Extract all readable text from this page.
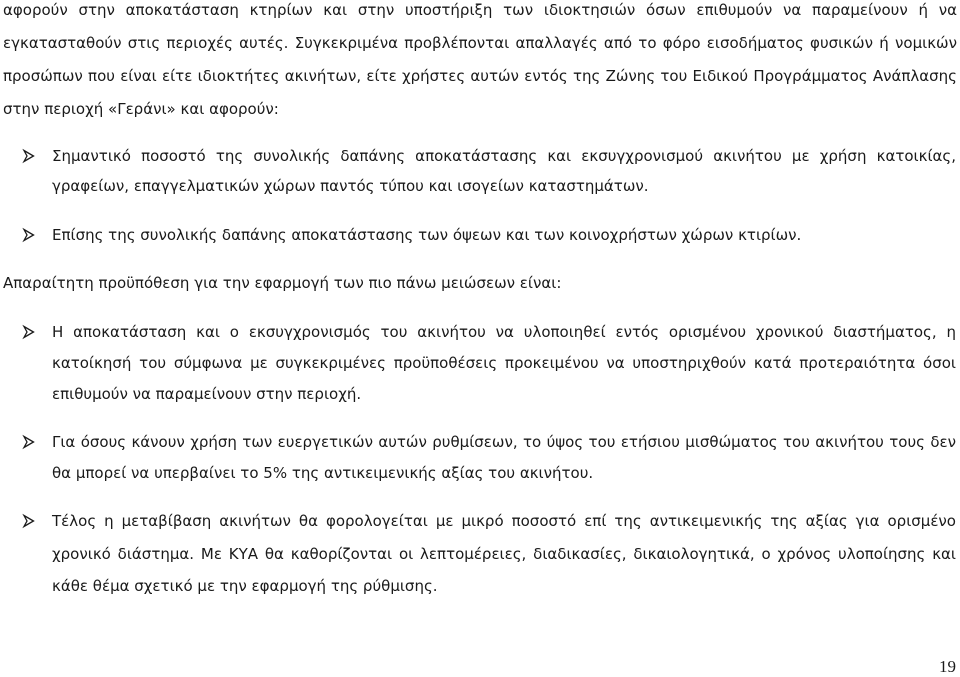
αφορούν στην αποκατάσταση κτηρίων και στην υποστήριξη των ιδιοκτησιών όσων επιθυμούν να παραμείνουν ή να
εγκατασταθούν στις περιοχές αυτές. Συγκεκριμένα προβλέπονται απαλλαγές από το φόρο εισοδήματος φυσικών ή νομικών
προσώπων που είναι είτε ιδιοκτήτες ακινήτων, είτε χρήστες αυτών εντός της Ζώνης του Ειδικού Προγράμματος Ανάπλασης
στην περιοχή «Γεράνι» και αφορούν:
Σημαντικό ποσοστό της συνολικής δαπάνης αποκατάστασης και εκσυγχρονισμού ακινήτου με χρήση κατοικίας,
γραφείων, επαγγελματικών χώρων παντός τύπου και ισογείων καταστημάτων.
Επίσης της συνολικής δαπάνης αποκατάστασης των όψεων και των κοινοχρήστων χώρων κτιρίων.
Απαραίτητη προϋπόθεση για την εφαρμογή των πιο πάνω μειώσεων είναι:
Η αποκατάσταση και ο εκσυγχρονισμός του ακινήτου να υλοποιηθεί εντός ορισμένου χρονικού διαστήματος, η
κατοίκησή του σύμφωνα με συγκεκριμένες προϋποθέσεις προκειμένου να υποστηριχθούν κατά προτεραιότητα όσοι
επιθυμούν να παραμείνουν στην περιοχή.
Για όσους κάνουν χρήση των ευεργετικών αυτών ρυθμίσεων, το ύψος του ετήσιου μισθώματος του ακινήτου τους δεν
θα μπορεί να υπερβαίνει το 5% της αντικειμενικής αξίας του ακινήτου.
Τέλος η μεταβίβαση ακινήτων θα φορολογείται με μικρό ποσοστό επί της αντικειμενικής της αξίας για ορισμένο
χρονικό διάστημα. Με ΚΥΑ θα καθορίζονται οι λεπτομέρειες, διαδικασίες, δικαιολογητικά, ο χρόνος υλοποίησης και
κάθε θέμα σχετικό με την εφαρμογή της ρύθμισης.
19
